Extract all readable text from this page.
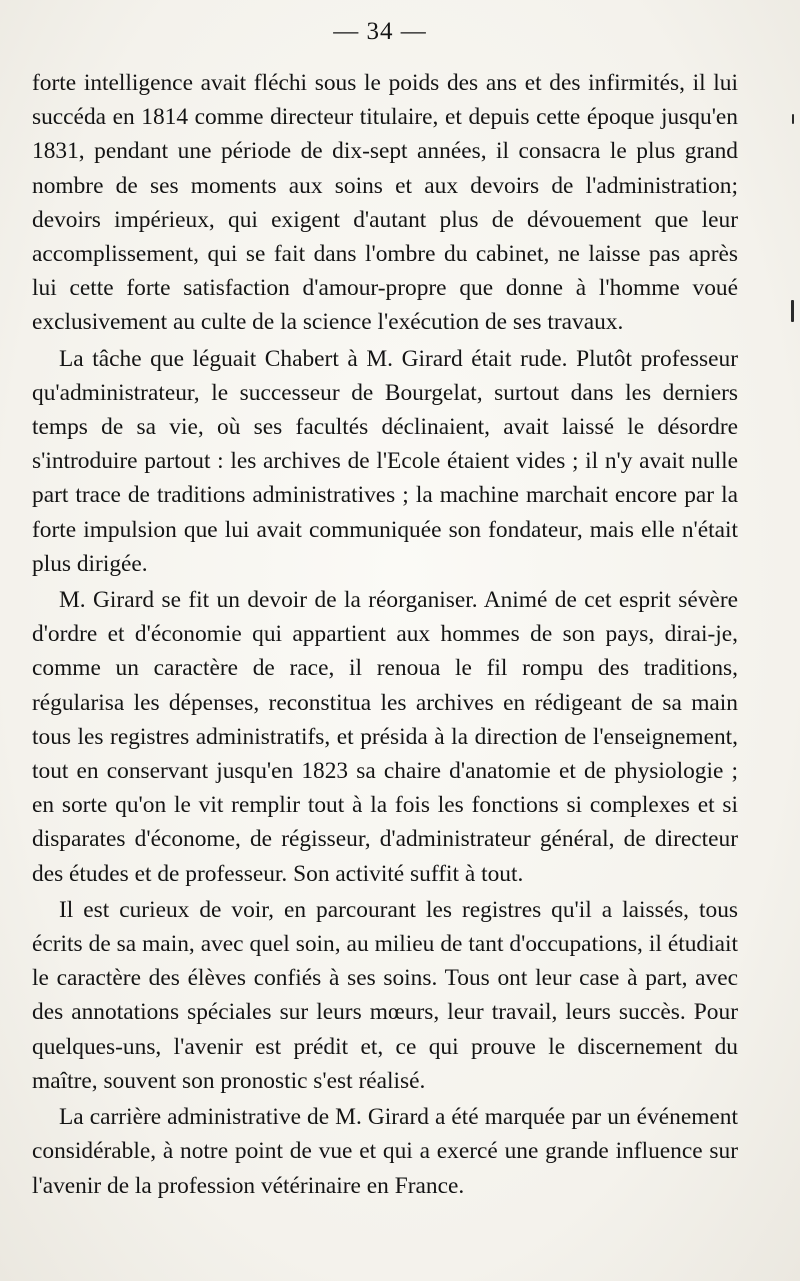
— 34 —

forte intelligence avait fléchi sous le poids des ans et des infirmités, il lui succéda en 1814 comme directeur titulaire, et depuis cette époque jusqu'en 1831, pendant une période de dix-sept années, il consacra le plus grand nombre de ses moments aux soins et aux devoirs de l'administration; devoirs impérieux, qui exigent d'autant plus de dévouement que leur accomplissement, qui se fait dans l'ombre du cabinet, ne laisse pas après lui cette forte satisfaction d'amour-propre que donne à l'homme voué exclusivement au culte de la science l'exécution de ses travaux.

La tâche que léguait Chabert à M. Girard était rude. Plutôt professeur qu'administrateur, le successeur de Bourgelat, surtout dans les derniers temps de sa vie, où ses facultés déclinaient, avait laissé le désordre s'introduire partout : les archives de l'Ecole étaient vides ; il n'y avait nulle part trace de traditions administratives ; la machine marchait encore par la forte impulsion que lui avait communiquée son fondateur, mais elle n'était plus dirigée.

M. Girard se fit un devoir de la réorganiser. Animé de cet esprit sévère d'ordre et d'économie qui appartient aux hommes de son pays, dirai-je, comme un caractère de race, il renoua le fil rompu des traditions, régularisa les dépenses, reconstitua les archives en rédigeant de sa main tous les registres administratifs, et présida à la direction de l'enseignement, tout en conservant jusqu'en 1823 sa chaire d'anatomie et de physiologie ; en sorte qu'on le vit remplir tout à la fois les fonctions si complexes et si disparates d'économe, de régisseur, d'administrateur général, de directeur des études et de professeur. Son activité suffit à tout.

Il est curieux de voir, en parcourant les registres qu'il a laissés, tous écrits de sa main, avec quel soin, au milieu de tant d'occupations, il étudiait le caractère des élèves confiés à ses soins. Tous ont leur case à part, avec des annotations spéciales sur leurs mœurs, leur travail, leurs succès. Pour quelques-uns, l'avenir est prédit et, ce qui prouve le discernement du maître, souvent son pronostic s'est réalisé.

La carrière administrative de M. Girard a été marquée par un événement considérable, à notre point de vue et qui a exercé une grande influence sur l'avenir de la profession vétérinaire en France.
